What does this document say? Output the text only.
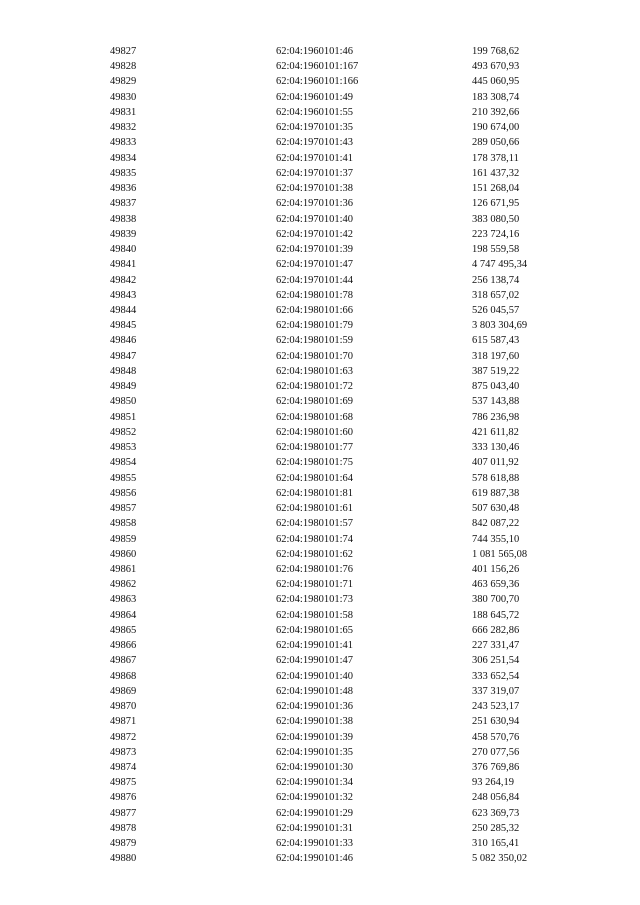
49827	62:04:1960101:46	199 768,62
49828	62:04:1960101:167	493 670,93
49829	62:04:1960101:166	445 060,95
49830	62:04:1960101:49	183 308,74
49831	62:04:1960101:55	210 392,66
49832	62:04:1970101:35	190 674,00
49833	62:04:1970101:43	289 050,66
49834	62:04:1970101:41	178 378,11
49835	62:04:1970101:37	161 437,32
49836	62:04:1970101:38	151 268,04
49837	62:04:1970101:36	126 671,95
49838	62:04:1970101:40	383 080,50
49839	62:04:1970101:42	223 724,16
49840	62:04:1970101:39	198 559,58
49841	62:04:1970101:47	4 747 495,34
49842	62:04:1970101:44	256 138,74
49843	62:04:1980101:78	318 657,02
49844	62:04:1980101:66	526 045,57
49845	62:04:1980101:79	3 803 304,69
49846	62:04:1980101:59	615 587,43
49847	62:04:1980101:70	318 197,60
49848	62:04:1980101:63	387 519,22
49849	62:04:1980101:72	875 043,40
49850	62:04:1980101:69	537 143,88
49851	62:04:1980101:68	786 236,98
49852	62:04:1980101:60	421 611,82
49853	62:04:1980101:77	333 130,46
49854	62:04:1980101:75	407 011,92
49855	62:04:1980101:64	578 618,88
49856	62:04:1980101:81	619 887,38
49857	62:04:1980101:61	507 630,48
49858	62:04:1980101:57	842 087,22
49859	62:04:1980101:74	744 355,10
49860	62:04:1980101:62	1 081 565,08
49861	62:04:1980101:76	401 156,26
49862	62:04:1980101:71	463 659,36
49863	62:04:1980101:73	380 700,70
49864	62:04:1980101:58	188 645,72
49865	62:04:1980101:65	666 282,86
49866	62:04:1990101:41	227 331,47
49867	62:04:1990101:47	306 251,54
49868	62:04:1990101:40	333 652,54
49869	62:04:1990101:48	337 319,07
49870	62:04:1990101:36	243 523,17
49871	62:04:1990101:38	251 630,94
49872	62:04:1990101:39	458 570,76
49873	62:04:1990101:35	270 077,56
49874	62:04:1990101:30	376 769,86
49875	62:04:1990101:34	93 264,19
49876	62:04:1990101:32	248 056,84
49877	62:04:1990101:29	623 369,73
49878	62:04:1990101:31	250 285,32
49879	62:04:1990101:33	310 165,41
49880	62:04:1990101:46	5 082 350,02
